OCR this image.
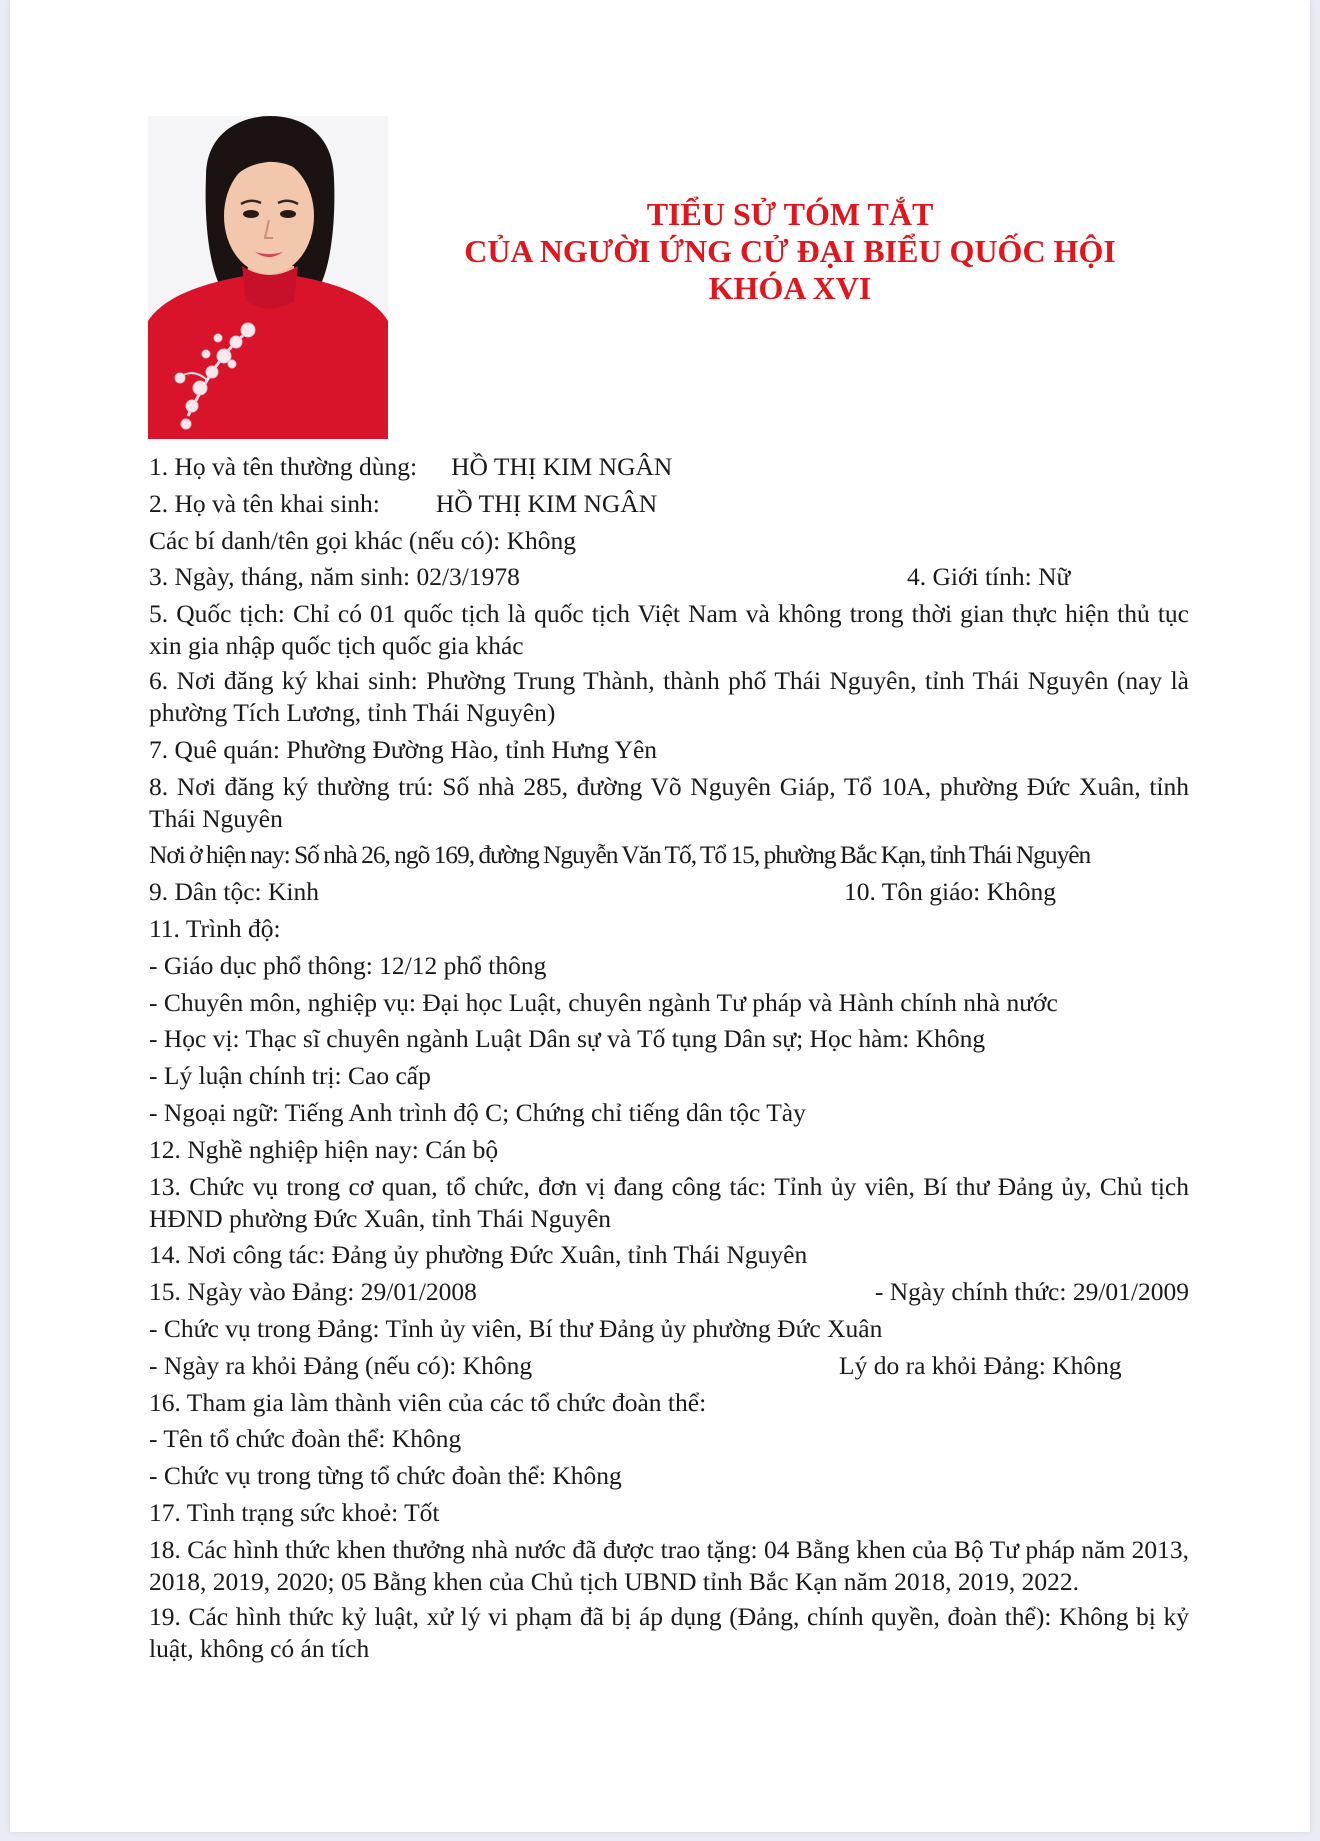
TIỂU SỬ TÓM TẮT
CỦA NGƯỜI ỨNG CỬ ĐẠI BIỂU QUỐC HỘI
KHÓA XVI
1. Họ và tên thường dùng: HỒ THỊ KIM NGÂN
2. Họ và tên khai sinh: HỒ THỊ KIM NGÂN
Các bí danh/tên gọi khác (nếu có): Không
3. Ngày, tháng, năm sinh: 02/3/1978	4. Giới tính: Nữ
5. Quốc tịch: Chỉ có 01 quốc tịch là quốc tịch Việt Nam và không trong thời gian thực hiện thủ tục xin gia nhập quốc tịch quốc gia khác
6. Nơi đăng ký khai sinh: Phường Trung Thành, thành phố Thái Nguyên, tỉnh Thái Nguyên (nay là phường Tích Lương, tỉnh Thái Nguyên)
7. Quê quán: Phường Đường Hào, tỉnh Hưng Yên
8. Nơi đăng ký thường trú: Số nhà 285, đường Võ Nguyên Giáp, Tổ 10A, phường Đức Xuân, tỉnh Thái Nguyên
Nơi ở hiện nay: Số nhà 26, ngõ 169, đường Nguyễn Văn Tố, Tổ 15, phường Bắc Kạn, tỉnh Thái Nguyên
9. Dân tộc: Kinh	10. Tôn giáo: Không
11. Trình độ:
- Giáo dục phổ thông: 12/12 phổ thông
- Chuyên môn, nghiệp vụ: Đại học Luật, chuyên ngành Tư pháp và Hành chính nhà nước
- Học vị: Thạc sĩ chuyên ngành Luật Dân sự và Tố tụng Dân sự; Học hàm: Không
- Lý luận chính trị: Cao cấp
- Ngoại ngữ: Tiếng Anh trình độ C; Chứng chỉ tiếng dân tộc Tày
12. Nghề nghiệp hiện nay: Cán bộ
13. Chức vụ trong cơ quan, tổ chức, đơn vị đang công tác: Tỉnh ủy viên, Bí thư Đảng ủy, Chủ tịch HĐND phường Đức Xuân, tỉnh Thái Nguyên
14. Nơi công tác: Đảng ủy phường Đức Xuân, tỉnh Thái Nguyên
15. Ngày vào Đảng: 29/01/2008	- Ngày chính thức: 29/01/2009
- Chức vụ trong Đảng: Tỉnh ủy viên, Bí thư Đảng ủy phường Đức Xuân
- Ngày ra khỏi Đảng (nếu có): Không	Lý do ra khỏi Đảng: Không
16. Tham gia làm thành viên của các tổ chức đoàn thể:
- Tên tổ chức đoàn thể: Không
- Chức vụ trong từng tổ chức đoàn thể: Không
17. Tình trạng sức khoẻ: Tốt
18. Các hình thức khen thưởng nhà nước đã được trao tặng: 04 Bằng khen của Bộ Tư pháp năm 2013, 2018, 2019, 2020; 05 Bằng khen của Chủ tịch UBND tỉnh Bắc Kạn năm 2018, 2019, 2022.
19. Các hình thức kỷ luật, xử lý vi phạm đã bị áp dụng (Đảng, chính quyền, đoàn thể): Không bị kỷ luật, không có án tích
